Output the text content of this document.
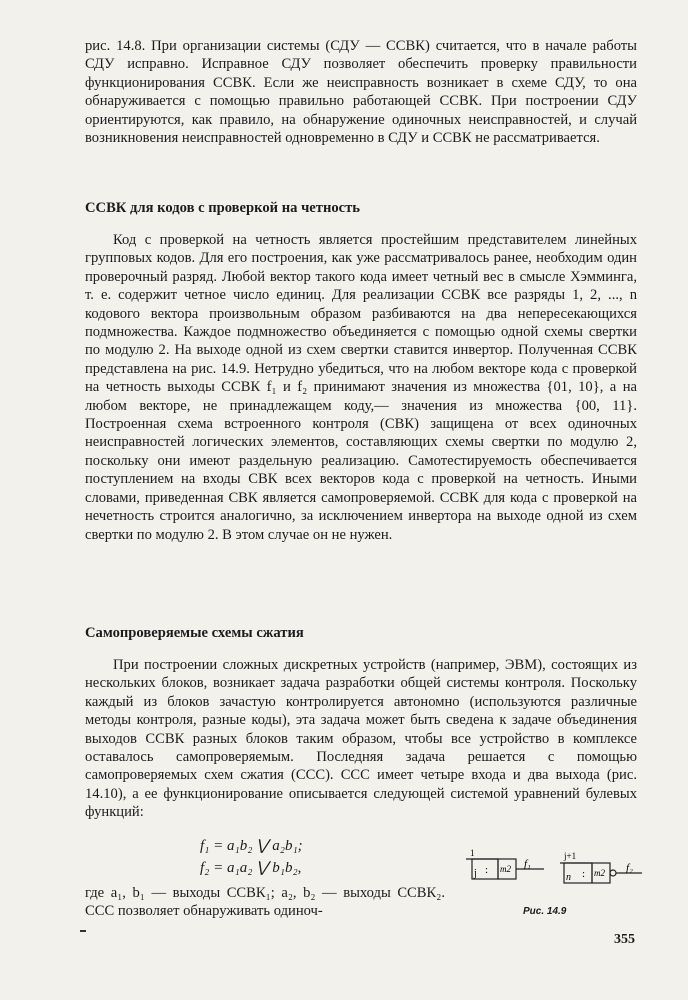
рис. 14.8. При организации системы (СДУ — ССВК) считается, что в начале работы СДУ исправно. Исправное СДУ позволяет обеспечить проверку правильности функционирования ССВК. Если же неисправность возникает в схеме СДУ, то она обнаруживается с помощью правильно работающей ССВК. При построении СДУ ориентируются, как правило, на обнаружение одиночных неисправностей, и случай возникновения неисправностей одновременно в СДУ и ССВК не рассматривается.
ССВК для кодов с проверкой на четность
Код с проверкой на четность является простейшим представителем линейных групповых кодов. Для его построения, как уже рассматривалось ранее, необходим один проверочный разряд. Любой вектор такого кода имеет четный вес в смысле Хэмминга, т. е. содержит четное число единиц. Для реализации ССВК все разряды 1, 2, ..., n кодового вектора произвольным образом разбиваются на два непересекающихся подмножества. Каждое подмножество объединяется с помощью одной схемы свертки по модулю 2. На выходе одной из схем свертки ставится инвертор. Полученная ССВК представлена на рис. 14.9. Нетрудно убедиться, что на любом векторе кода с проверкой на четность выходы ССВК f₁ и f₂ принимают значения из множества {01, 10}, а на любом векторе, не принадлежащем коду,— значения из множества {00, 11}. Построенная схема встроенного контроля (СВК) защищена от всех одиночных неисправностей логических элементов, составляющих схемы свертки по модулю 2, поскольку они имеют раздельную реализацию. Самотестируемость обеспечивается поступлением на входы СВК всех векторов кода с проверкой на четность. Иными словами, приведенная СВК является самопроверяемой. ССВК для кода с проверкой на нечетность строится аналогично, за исключением инвертора на выходе одной из схем свертки по модулю 2. В этом случае он не нужен.
Самопроверяемые схемы сжатия
При построении сложных дискретных устройств (например, ЭВМ), состоящих из нескольких блоков, возникает задача разработки общей системы контроля. Поскольку каждый из блоков зачастую контролируется автономно (используются различные методы контроля, разные коды), эта задача может быть сведена к задаче объединения выходов ССВК разных блоков таким образом, чтобы все устройство в комплексе оставалось самопроверяемым. Последняя задача решается с помощью самопроверяемых схем сжатия (ССС). ССС имеет четыре входа и два выхода (рис. 14.10), а ее функционирование описывается следующей системой уравнений булевых функций:
f₁ = a₁b₂ ⋁ a₂b₁;
f₂ = a₁a₂ ⋁ b₁b₂,
где a₁, b₁ — выходы ССВК₁; a₂, b₂ — выходы ССВК₂. ССС позволяет обнаруживать одиноч-
1
j : m2 f₁
j+1
n : m2 f₂
Рис. 14.9
355
